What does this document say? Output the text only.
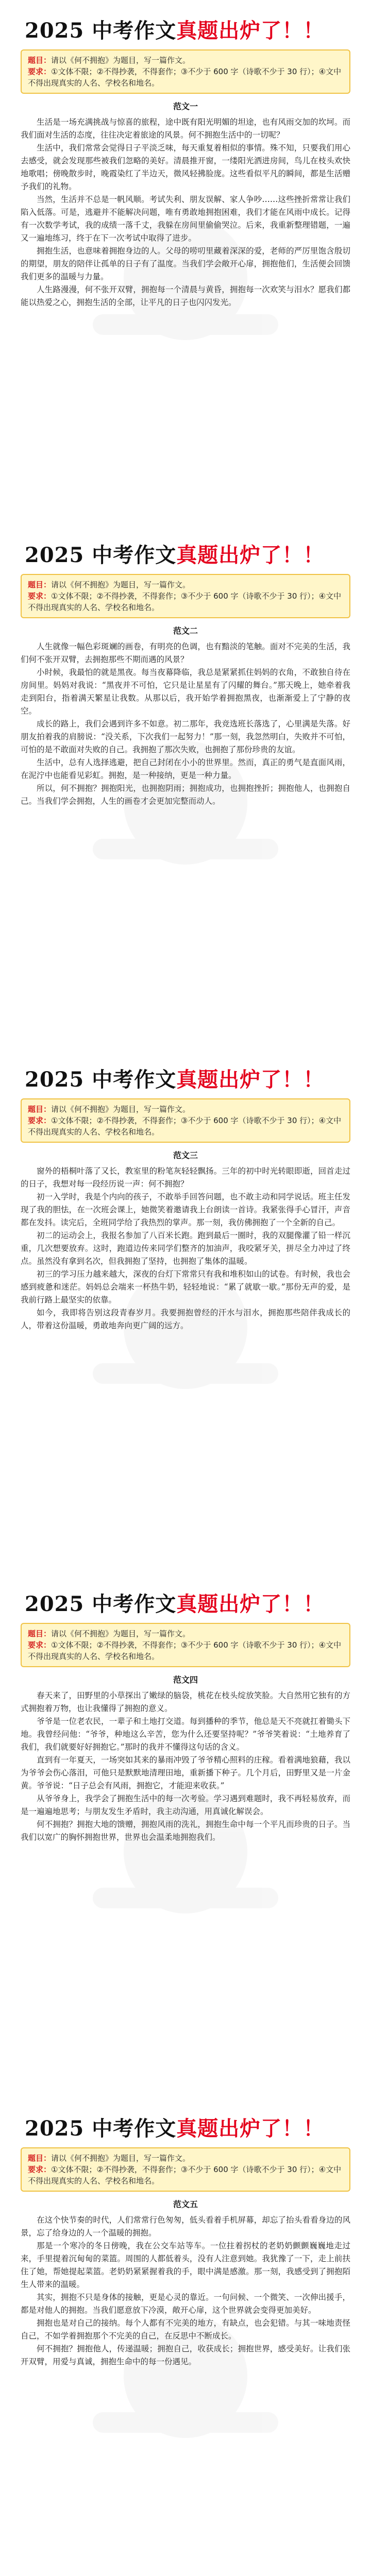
2025 中考作文真题出炉了！！
题目：请以《何不拥抱》为题目，写一篇作文。
要求：①文体不限；②不得抄袭，不得套作；③不少于 600 字（诗歌不少于 30 行）；④文中不得出现真实的人名、学校名和地名。
范文一

生活是一场充满挑战与惊喜的旅程，途中既有阳光明媚的坦途，也有风雨交加的坎坷。而我们面对生活的态度，往往决定着旅途的风景。何不拥抱生活中的一切呢？

生活中，我们常常会觉得日子平淡乏味，每天重复着相似的事情。殊不知，只要我们用心去感受，就会发现那些被我们忽略的美好。清晨推开窗，一缕阳光洒进房间，鸟儿在枝头欢快地歌唱；傍晚散步时，晚霞染红了半边天，微风轻拂脸庞。这些看似平凡的瞬间，都是生活赠予我们的礼物。

当然，生活并不总是一帆风顺。考试失利、朋友误解、家人争吵……这些挫折常常让我们陷入低落。可是，逃避并不能解决问题，唯有勇敢地拥抱困难，我们才能在风雨中成长。记得有一次数学考试，我的成绩一落千丈，我躲在房间里偷偷哭泣。后来，我重新整理错题，一遍又一遍地练习，终于在下一次考试中取得了进步。

拥抱生活，也意味着拥抱身边的人。父母的唠叨里藏着深深的爱，老师的严厉里饱含殷切的期望，朋友的陪伴让孤单的日子有了温度。当我们学会敞开心扉，拥抱他们，生活便会回馈我们更多的温暖与力量。

人生路漫漫，何不张开双臂，拥抱每一个清晨与黄昏，拥抱每一次欢笑与泪水？愿我们都能以热爱之心，拥抱生活的全部，让平凡的日子也闪闪发光。

2025 中考作文真题出炉了！！
题目：请以《何不拥抱》为题目，写一篇作文。
要求：①文体不限；②不得抄袭，不得套作；③不少于 600 字（诗歌不少于 30 行）；④文中不得出现真实的人名、学校名和地名。
范文二

人生就像一幅色彩斑斓的画卷，有明亮的色调，也有黯淡的笔触。面对不完美的生活，我们何不张开双臂，去拥抱那些不期而遇的风景？

小时候，我最怕的就是黑夜。每当夜幕降临，我总是紧紧抓住妈妈的衣角，不敢独自待在房间里。妈妈对我说：“黑夜并不可怕，它只是让星星有了闪耀的舞台。”那天晚上，她牵着我走到阳台，指着满天繁星让我数。从那以后，我开始学着拥抱黑夜，也渐渐爱上了宁静的夜空。

成长的路上，我们会遇到许多不如意。初二那年，我竞选班长落选了，心里满是失落。好朋友拍着我的肩膀说：“没关系，下次我们一起努力！”那一刻，我忽然明白，失败并不可怕，可怕的是不敢面对失败的自己。我拥抱了那次失败，也拥抱了那份珍贵的友谊。

生活中，总有人选择逃避，把自己封闭在小小的世界里。然而，真正的勇气是直面风雨，在泥泞中也能看见彩虹。拥抱，是一种接纳，更是一种力量。

所以，何不拥抱？拥抱阳光，也拥抱阴雨；拥抱成功，也拥抱挫折；拥抱他人，也拥抱自己。当我们学会拥抱，人生的画卷才会更加完整而动人。

2025 中考作文真题出炉了！！
题目：请以《何不拥抱》为题目，写一篇作文。
要求：①文体不限；②不得抄袭，不得套作；③不少于 600 字（诗歌不少于 30 行）；④文中不得出现真实的人名、学校名和地名。
范文三

窗外的梧桐叶落了又长，教室里的粉笔灰轻轻飘扬。三年的初中时光转眼即逝，回首走过的日子，我想对每一段经历说一声：何不拥抱？

初一入学时，我是个内向的孩子，不敢举手回答问题，也不敢主动和同学说话。班主任发现了我的胆怯，在一次班会课上，她微笑着邀请我上台朗读一首诗。我紧张得手心冒汗，声音都在发抖。读完后，全班同学给了我热烈的掌声。那一刻，我仿佛拥抱了一个全新的自己。

初二的运动会上，我报名参加了八百米长跑。跑到最后一圈时，我的双腿像灌了铅一样沉重，几次想要放弃。这时，跑道边传来同学们整齐的加油声，我咬紧牙关，拼尽全力冲过了终点。虽然没有拿到名次，但我拥抱了坚持，也拥抱了集体的温暖。

初三的学习压力越来越大，深夜的台灯下常常只有我和堆积如山的试卷。有时候，我也会感到疲惫和迷茫。妈妈总会端来一杯热牛奶，轻轻地说：“累了就歇一歇。”那份无声的爱，是我前行路上最坚实的依靠。

如今，我即将告别这段青春岁月。我要拥抱曾经的汗水与泪水，拥抱那些陪伴我成长的人，带着这份温暖，勇敢地奔向更广阔的远方。

2025 中考作文真题出炉了！！
题目：请以《何不拥抱》为题目，写一篇作文。
要求：①文体不限；②不得抄袭，不得套作；③不少于 600 字（诗歌不少于 30 行）；④文中不得出现真实的人名、学校名和地名。
范文四

春天来了，田野里的小草探出了嫩绿的脑袋，桃花在枝头绽放笑脸。大自然用它独有的方式拥抱着万物，也让我懂得了拥抱的意义。

爷爷是一位老农民，一辈子和土地打交道。每到播种的季节，他总是天不亮就扛着锄头下地。我曾经问他：“爷爷，种地这么辛苦，您为什么还要坚持呢？”爷爷笑着说：“土地养育了我们，我们就要好好拥抱它。”那时的我并不懂得这句话的含义。

直到有一年夏天，一场突如其来的暴雨冲毁了爷爷精心照料的庄稼。看着满地狼藉，我以为爷爷会伤心落泪，可他只是默默地清理田地，重新播下种子。几个月后，田野里又是一片金黄。爷爷说：“日子总会有风雨，拥抱它，才能迎来收获。”

从爷爷身上，我学会了拥抱生活中的每一次考验。学习遇到难题时，我不再轻易放弃，而是一遍遍地思考；与朋友发生矛盾时，我主动沟通，用真诚化解误会。

何不拥抱？拥抱大地的馈赠，拥抱风雨的洗礼，拥抱生命中每一个平凡而珍贵的日子。当我们以宽广的胸怀拥抱世界，世界也会温柔地拥抱我们。

2025 中考作文真题出炉了！！
题目：请以《何不拥抱》为题目，写一篇作文。
要求：①文体不限；②不得抄袭，不得套作；③不少于 600 字（诗歌不少于 30 行）；④文中不得出现真实的人名、学校名和地名。
范文五

在这个快节奏的时代，人们常常行色匆匆，低头看着手机屏幕，却忘了抬头看看身边的风景，忘了给身边的人一个温暖的拥抱。

那是一个寒冷的冬日傍晚，我在公交车站等车。一位拄着拐杖的老奶奶颤颤巍巍地走过来，手里提着沉甸甸的菜篮。周围的人都低着头，没有人注意到她。我犹豫了一下，走上前扶住了她，帮她提起菜篮。老奶奶紧紧握着我的手，眼中满是感激。那一刻，我感受到了拥抱陌生人带来的温暖。

其实，拥抱不只是身体的接触，更是心灵的靠近。一句问候、一个微笑、一次伸出援手，都是对他人的拥抱。当我们愿意放下冷漠，敞开心扉，这个世界就会变得更加美好。

拥抱也是对自己的接纳。每个人都有不完美的地方，有缺点，也会犯错。与其一味地责怪自己，不如学着拥抱那个不完美的自己，在反思中不断成长。

何不拥抱？拥抱他人，传递温暖；拥抱自己，收获成长；拥抱世界，感受美好。让我们张开双臂，用爱与真诚，拥抱生命中的每一份遇见。
